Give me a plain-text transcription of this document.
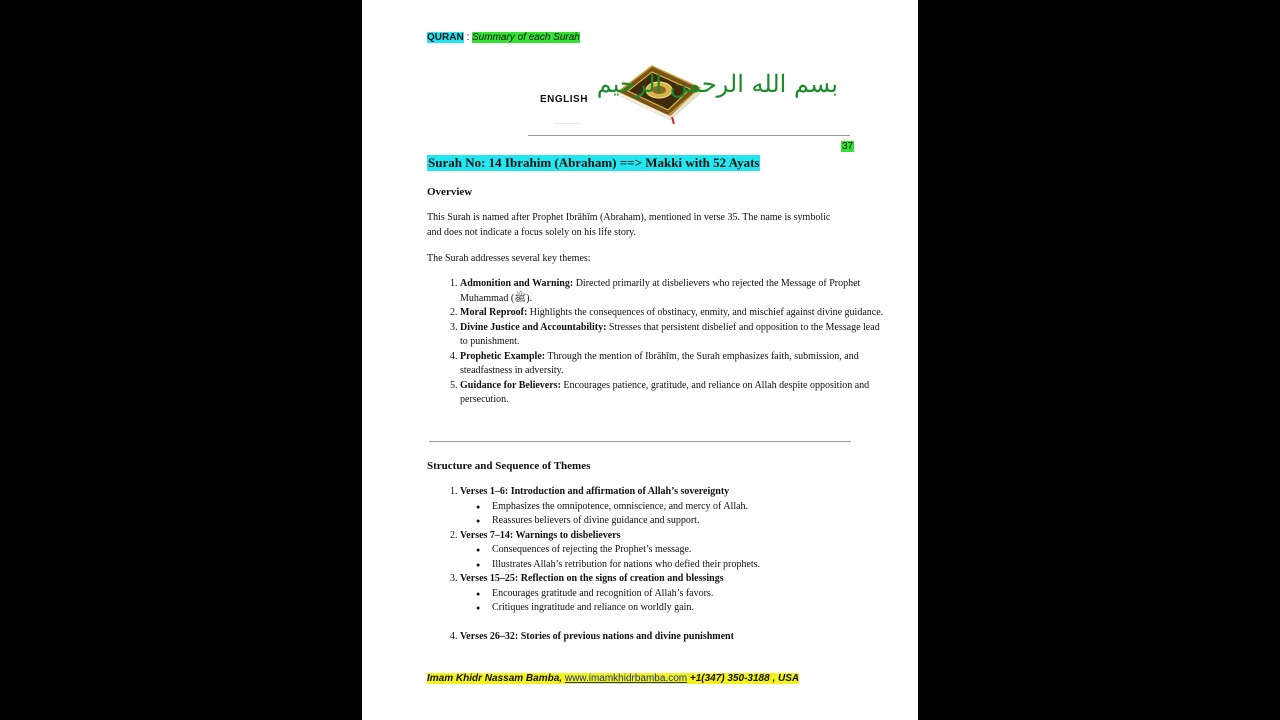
QURAN : Summary of each Surah
ENGLISH
________________
بسم الله الرحمن الرحيم
37
Surah No: 14 Ibrahim (Abraham) ==> Makki with 52 Ayats
Overview
This Surah is named after Prophet Ibrāhīm (Abraham), mentioned in verse 35. The name is symbolic and does not indicate a focus solely on his life story.
The Surah addresses several key themes:
1. Admonition and Warning: Directed primarily at disbelievers who rejected the Message of Prophet Muhammad (ﷺ).
2. Moral Reproof: Highlights the consequences of obstinacy, enmity, and mischief against divine guidance.
3. Divine Justice and Accountability: Stresses that persistent disbelief and opposition to the Message lead to punishment.
4. Prophetic Example: Through the mention of Ibrāhīm, the Surah emphasizes faith, submission, and steadfastness in adversity.
5. Guidance for Believers: Encourages patience, gratitude, and reliance on Allah despite opposition and persecution.
Structure and Sequence of Themes
1. Verses 1–6: Introduction and affirmation of Allah’s sovereignty
● Emphasizes the omnipotence, omniscience, and mercy of Allah.
● Reassures believers of divine guidance and support.
2. Verses 7–14: Warnings to disbelievers
● Consequences of rejecting the Prophet’s message.
● Illustrates Allah’s retribution for nations who defied their prophets.
3. Verses 15–25: Reflection on the signs of creation and blessings
● Encourages gratitude and recognition of Allah’s favors.
● Critiques ingratitude and reliance on worldly gain.
4. Verses 26–32: Stories of previous nations and divine punishment
Imam Khidr Nassam Bamba, www.imamkhidrbamba.com +1(347) 350-3188 , USA
